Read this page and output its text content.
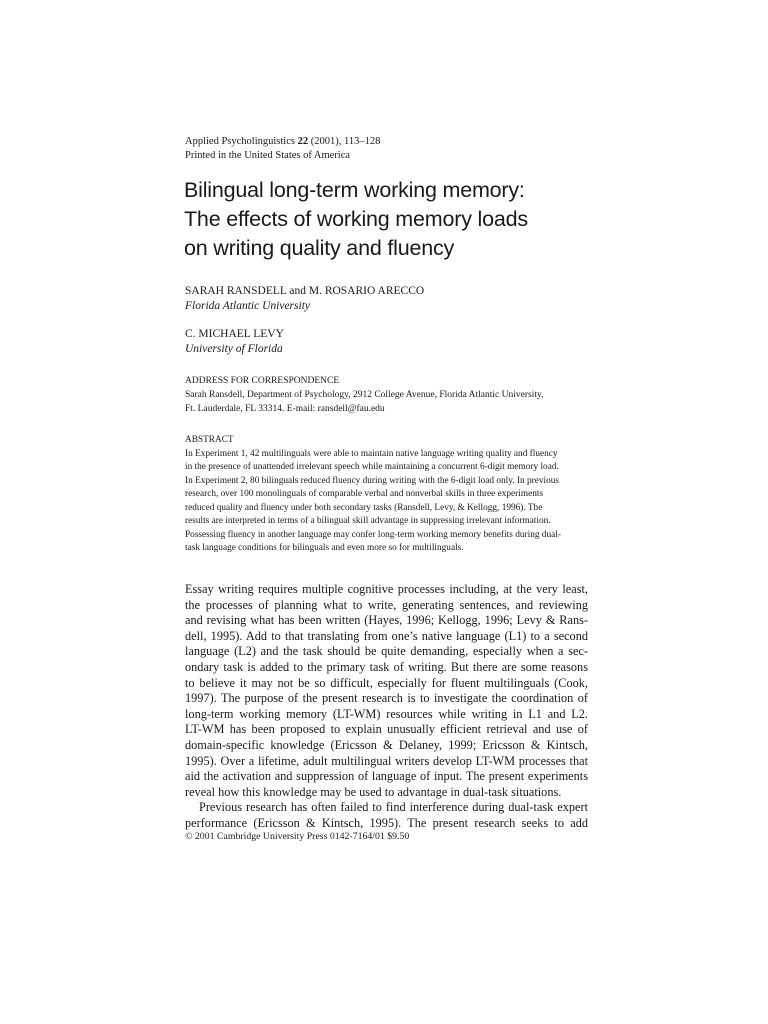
Applied Psycholinguistics 22 (2001), 113–128
Printed in the United States of America
Bilingual long-term working memory:
The effects of working memory loads
on writing quality and fluency
SARAH RANSDELL and M. ROSARIO ARECCO
Florida Atlantic University
C. MICHAEL LEVY
University of Florida
ADDRESS FOR CORRESPONDENCE
Sarah Ransdell, Department of Psychology, 2912 College Avenue, Florida Atlantic University,
Ft. Lauderdale, FL 33314. E-mail: ransdell@fau.edu
ABSTRACT
In Experiment 1, 42 multilinguals were able to maintain native language writing quality and fluency
in the presence of unattended irrelevant speech while maintaining a concurrent 6-digit memory load.
In Experiment 2, 80 bilinguals reduced fluency during writing with the 6-digit load only. In previous
research, over 100 monolinguals of comparable verbal and nonverbal skills in three experiments
reduced quality and fluency under both secondary tasks (Ransdell, Levy, & Kellogg, 1996). The
results are interpreted in terms of a bilingual skill advantage in suppressing irrelevant information.
Possessing fluency in another language may confer long-term working memory benefits during dual-
task language conditions for bilinguals and even more so for multilinguals.
Essay writing requires multiple cognitive processes including, at the very least,
the processes of planning what to write, generating sentences, and reviewing
and revising what has been written (Hayes, 1996; Kellogg, 1996; Levy & Rans-
dell, 1995). Add to that translating from one’s native language (L1) to a second
language (L2) and the task should be quite demanding, especially when a sec-
ondary task is added to the primary task of writing. But there are some reasons
to believe it may not be so difficult, especially for fluent multilinguals (Cook,
1997). The purpose of the present research is to investigate the coordination of
long-term working memory (LT-WM) resources while writing in L1 and L2.
LT-WM has been proposed to explain unusually efficient retrieval and use of
domain-specific knowledge (Ericsson & Delaney, 1999; Ericsson & Kintsch,
1995). Over a lifetime, adult multilingual writers develop LT-WM processes that
aid the activation and suppression of language of input. The present experiments
reveal how this knowledge may be used to advantage in dual-task situations.
Previous research has often failed to find interference during dual-task expert
performance (Ericsson & Kintsch, 1995). The present research seeks to add
© 2001 Cambridge University Press 0142-7164/01 $9.50
